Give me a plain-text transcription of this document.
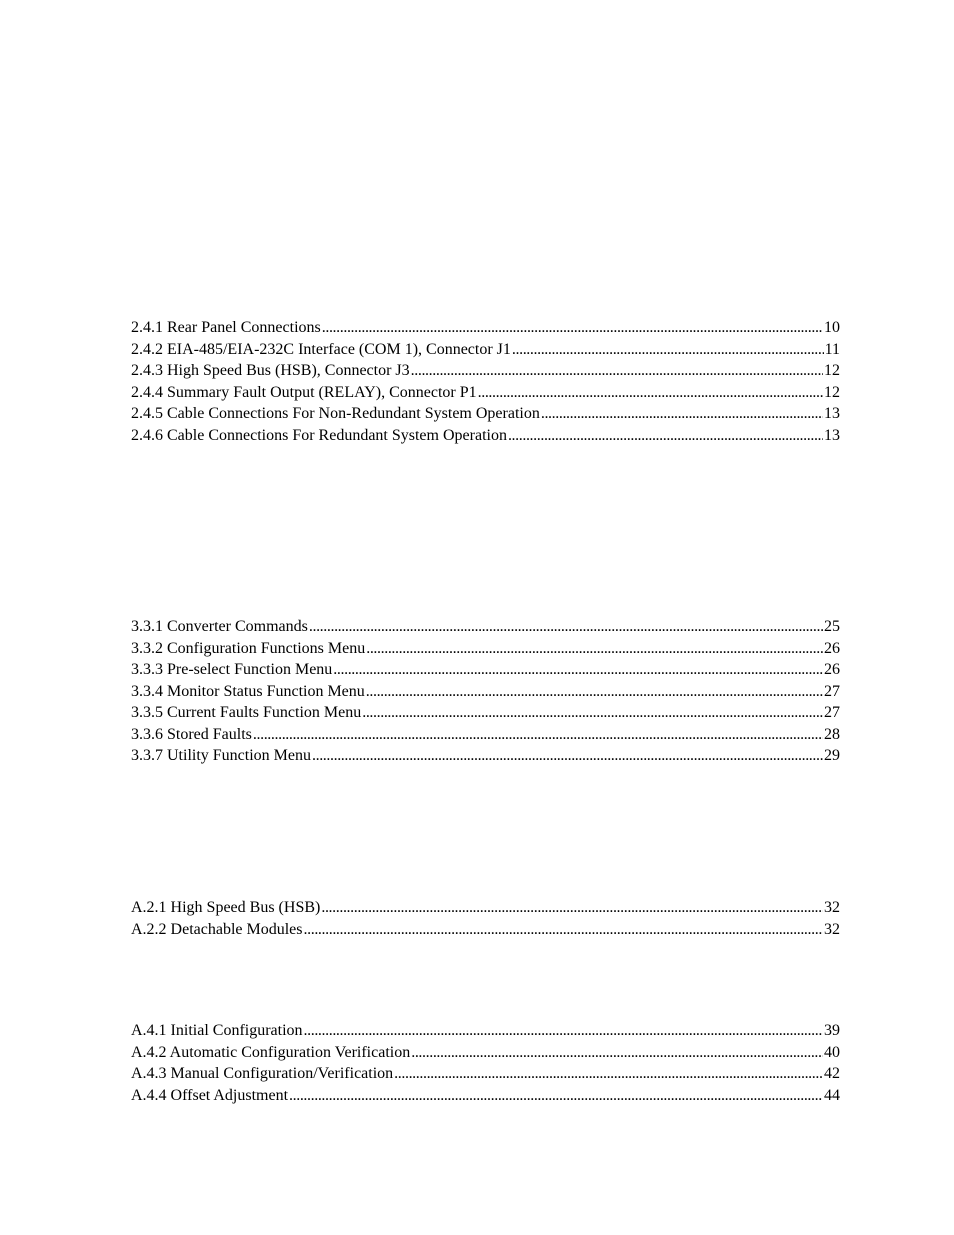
2.4.1 Rear Panel Connections . . .	10
2.4.2 EIA-485/EIA-232C Interface (COM 1), Connector J1 . . .	11
2.4.3 High Speed Bus (HSB), Connector J3 . . .	12
2.4.4 Summary Fault Output (RELAY), Connector P1 . . .	12
2.4.5 Cable Connections For Non-Redundant System Operation . . .	13
2.4.6 Cable Connections For Redundant System Operation . . .	13
3.3.1 Converter Commands . . .	25
3.3.2 Configuration Functions Menu . . .	26
3.3.3 Pre-select Function Menu . . .	26
3.3.4 Monitor Status Function Menu . . .	27
3.3.5 Current Faults Function Menu . . .	27
3.3.6 Stored Faults . . .	28
3.3.7 Utility Function Menu . . .	29
A.2.1 High Speed Bus (HSB) . . .	32
A.2.2 Detachable Modules . . .	32
A.4.1 Initial Configuration . . .	39
A.4.2 Automatic Configuration Verification . . .	40
A.4.3 Manual Configuration/Verification . . .	42
A.4.4 Offset Adjustment . . .	44
